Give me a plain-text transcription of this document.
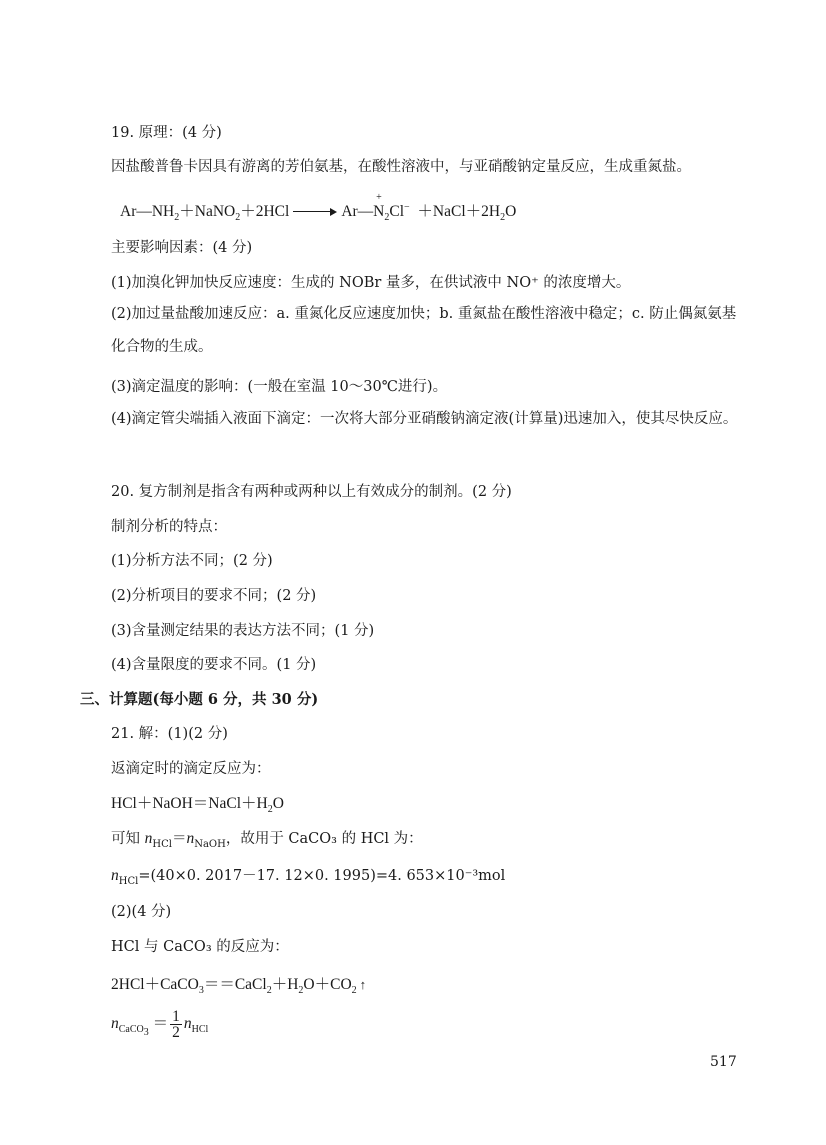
19. 原理：(4 分)
因盐酸普鲁卡因具有游离的芳伯氨基，在酸性溶液中，与亚硝酸钠定量反应，生成重氮盐。
$Ar—NH_2+NaNO_2+2HCl$	Ar—N
+
$_2Cl^- +NaCl+2H_2O$
主要影响因素：(4 分)
(1)加溴化钾加快反应速度：生成的 NOBr 量多，在供试液中 NO⁺ 的浓度增大。
(2)加过量盐酸加速反应：a. 重氮化反应速度加快；b. 重氮盐在酸性溶液中稳定；c. 防止偶氮氨基化合物的生成。
(3)滴定温度的影响：(一般在室温 10～30℃进行)。
(4)滴定管尖端插入液面下滴定：一次将大部分亚硝酸钠滴定液(计算量)迅速加入，使其尽快反应。
20. 复方制剂是指含有两种或两种以上有效成分的制剂。(2 分)
制剂分析的特点：
(1)分析方法不同；(2 分)
(2)分析项目的要求不同；(2 分)
(3)含量测定结果的表达方法不同；(1 分)
(4)含量限度的要求不同。(1 分)
三、计算题(每小题 6 分，共 30 分)
21. 解：(1)(2 分)
返滴定时的滴定反应为：
$HCl+NaOH=NaCl+H_2O$
可知 $n_{HCl}=n_{NaOH}$，故用于 CaCO₃ 的 HCl 为：
$n_{HCl}=(40\times 0$. 2017－17. 12×0. 1995)=4. 653×10⁻³mol
(2)(4 分)
HCl 与 CaCO₃ 的反应为：
$2HCl+CaCO_3==CaCl_2+H_2O+CO_2$ ↑
$n_{CaCO_3} = \frac{1}{2} n_{HCl}$
517
